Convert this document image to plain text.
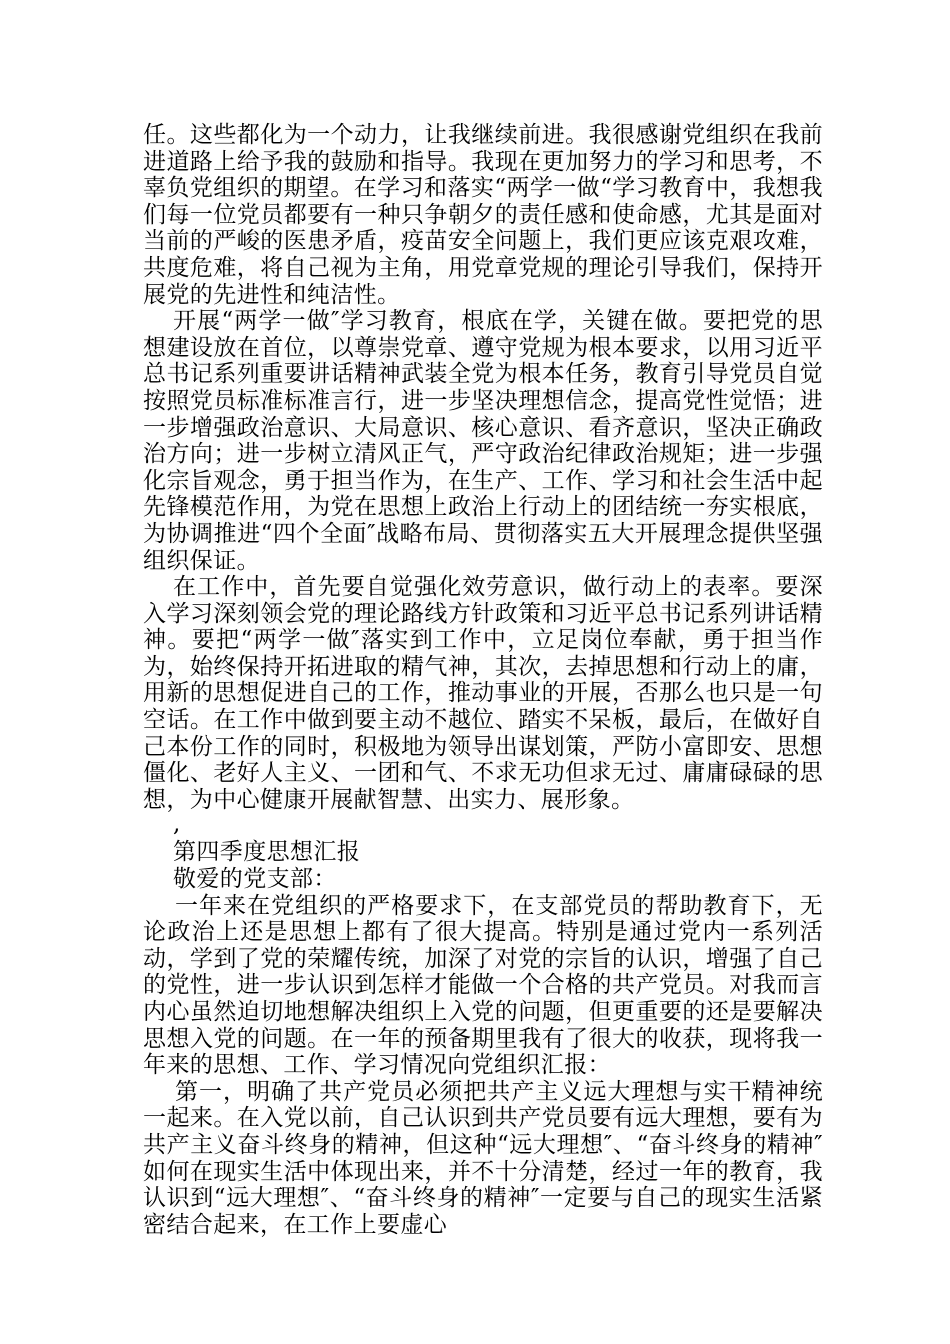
任。这些都化为一个动力，让我继续前进。我很感谢党组织在我前进道路上给予我的鼓励和指导。我现在更加努力的学习和思考，不辜负党组织的期望。在学习和落实“两学一做“学习教育中，我想我们每一位党员都要有一种只争朝夕的责任感和使命感，尤其是面对当前的严峻的医患矛盾，疫苗安全问题上，我们更应该克艰攻难，共度危难，将自己视为主角，用党章党规的理论引导我们，保持开展党的先进性和纯洁性。

开展“两学一做″学习教育，根底在学，关键在做。要把党的思想建设放在首位，以尊崇党章、遵守党规为根本要求，以用习近平总书记系列重要讲话精神武装全党为根本任务，教育引导党员自觉按照党员标准标准言行，进一步坚决理想信念，提高党性觉悟；进一步增强政治意识、大局意识、核心意识、看齐意识，坚决正确政治方向；进一步树立清风正气，严守政治纪律政治规矩；进一步强化宗旨观念，勇于担当作为，在生产、工作、学习和社会生活中起先锋模范作用，为党在思想上政治上行动上的团结统一夯实根底，为协调推进“四个全面″战略布局、贯彻落实五大开展理念提供坚强组织保证。

在工作中，首先要自觉强化效劳意识，做行动上的表率。要深入学习深刻领会党的理论路线方针政策和习近平总书记系列讲话精神。要把“两学一做″落实到工作中，立足岗位奉献，勇于担当作为，始终保持开拓进取的精气神，其次，去掉思想和行动上的庸，用新的思想促进自己的工作，推动事业的开展，否那么也只是一句空话。在工作中做到要主动不越位、踏实不呆板，最后，在做好自己本份工作的同时，积极地为领导出谋划策，严防小富即安、思想僵化、老好人主义、一团和气、不求无功但求无过、庸庸碌碌的思想，为中心健康开展献智慧、出实力、展形象。

,

第四季度思想汇报

敬爱的党支部：

一年来在党组织的严格要求下，在支部党员的帮助教育下，无论政治上还是思想上都有了很大提高。特别是通过党内一系列活动，学到了党的荣耀传统，加深了对党的宗旨的认识，增强了自己的党性，进一步认识到怎样才能做一个合格的共产党员。对我而言内心虽然迫切地想解决组织上入党的问题，但更重要的还是要解决思想入党的问题。在一年的预备期里我有了很大的收获，现将我一年来的思想、工作、学习情况向党组织汇报：

第一，明确了共产党员必须把共产主义远大理想与实干精神统一起来。在入党以前，自己认识到共产党员要有远大理想，要有为共产主义奋斗终身的精神，但这种“远大理想″、“奋斗终身的精神″如何在现实生活中体现出来，并不十分清楚，经过一年的教育，我认识到“远大理想″、“奋斗终身的精神″一定要与自己的现实生活紧密结合起来，在工作上要虚心
